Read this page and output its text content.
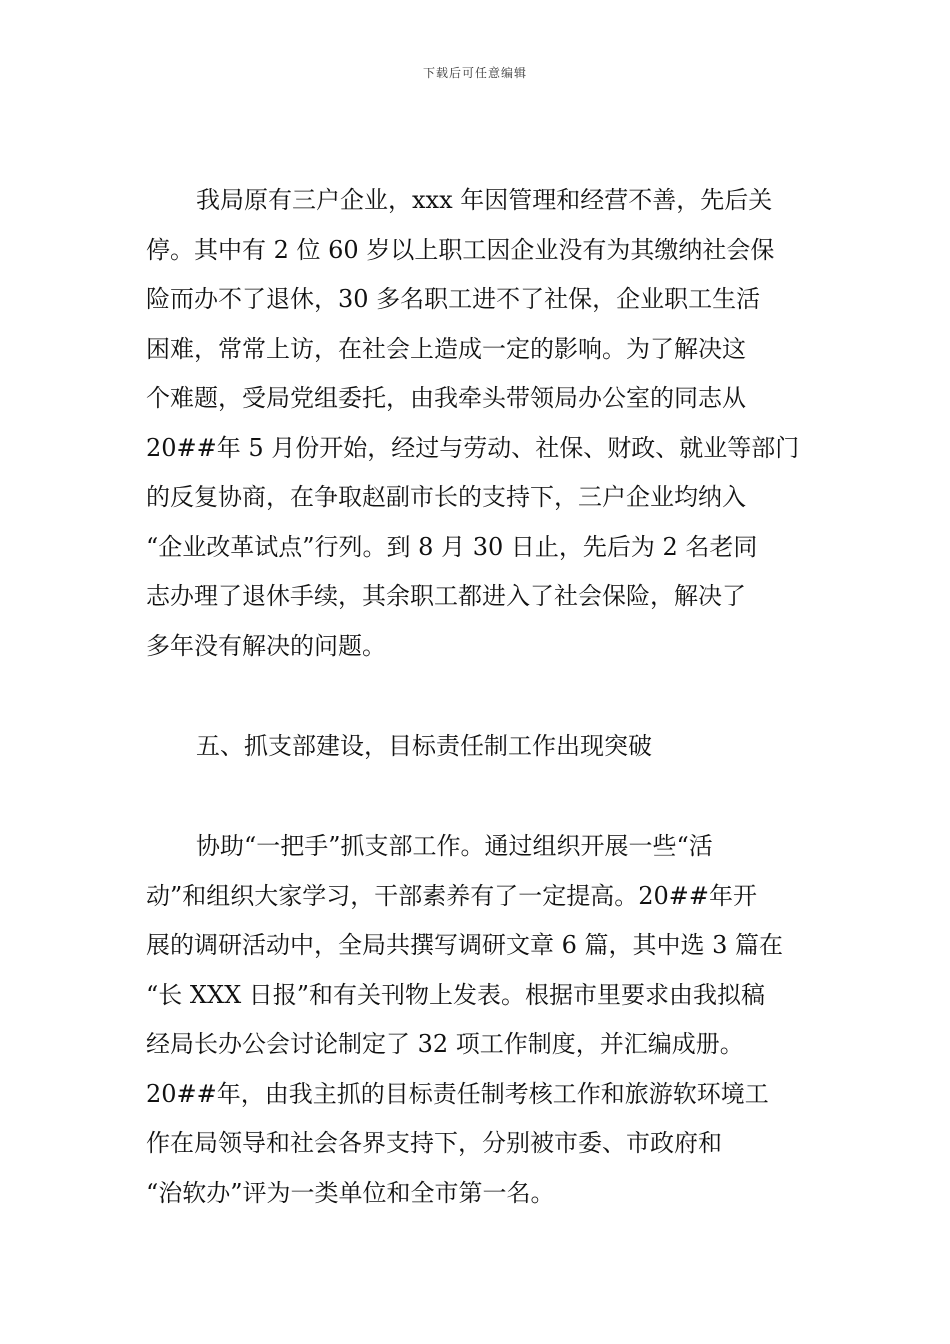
下载后可任意编辑
我局原有三户企业，xxx 年因管理和经营不善，先后关
停。其中有 2 位 60 岁以上职工因企业没有为其缴纳社会保
险而办不了退休，30 多名职工进不了社保，企业职工生活
困难，常常上访，在社会上造成一定的影响。为了解决这
个难题，受局党组委托，由我牵头带领局办公室的同志从
20##年 5 月份开始，经过与劳动、社保、财政、就业等部门
的反复协商，在争取赵副市长的支持下，三户企业均纳入
“企业改革试点”行列。到 8 月 30 日止，先后为 2 名老同
志办理了退休手续，其余职工都进入了社会保险，解决了
多年没有解决的问题。
五、抓支部建设，目标责任制工作出现突破
协助“一把手”抓支部工作。通过组织开展一些“活
动”和组织大家学习，干部素养有了一定提高。20##年开
展的调研活动中，全局共撰写调研文章 6 篇，其中选 3 篇在
“长 XXX 日报”和有关刊物上发表。根据市里要求由我拟稿
经局长办公会讨论制定了 32 项工作制度，并汇编成册。
20##年，由我主抓的目标责任制考核工作和旅游软环境工
作在局领导和社会各界支持下，分别被市委、市政府和
“治软办”评为一类单位和全市第一名。
